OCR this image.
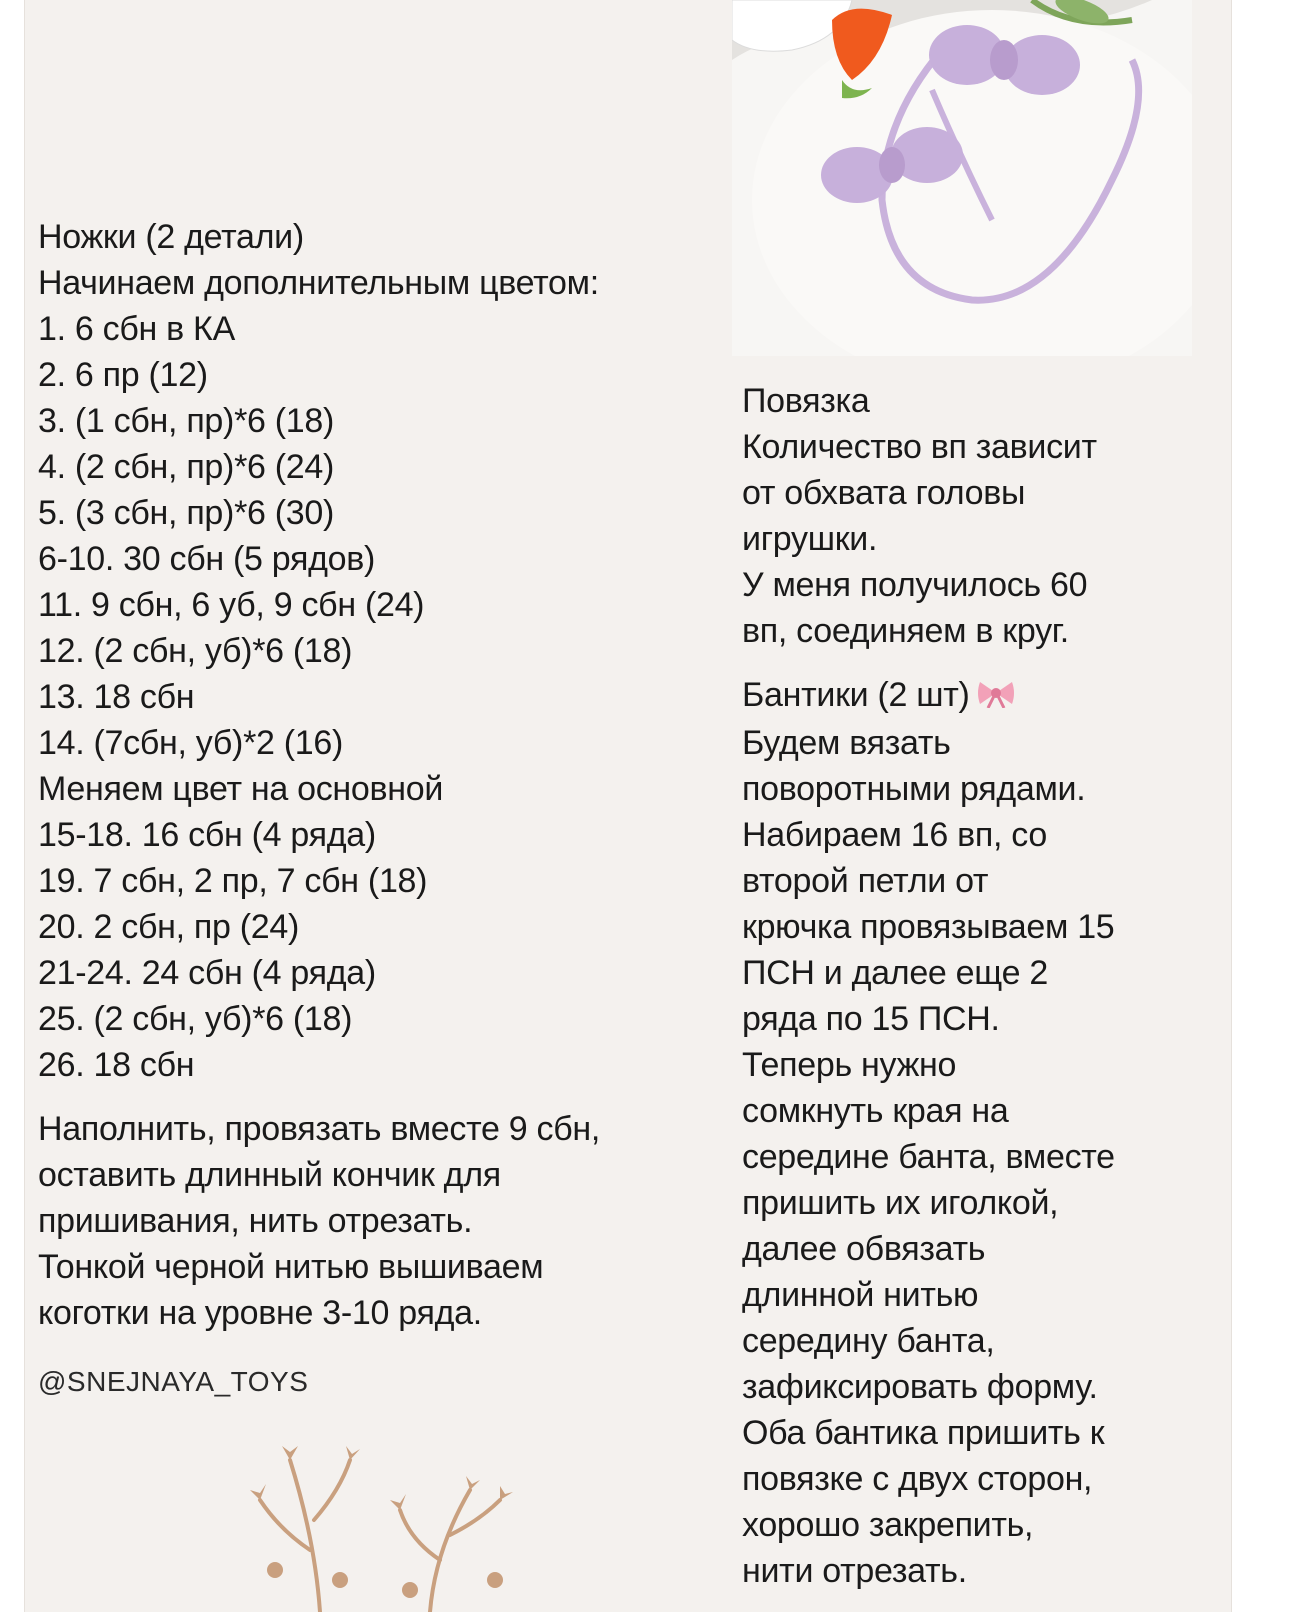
Ножки (2 детали)
Начинаем дополнительным цветом:
1. 6 сбн в КА
2. 6 пр (12)
3. (1 сбн, пр)*6 (18)
4. (2 сбн, пр)*6 (24)
5. (3 сбн, пр)*6 (30)
6-10. 30 сбн (5 рядов)
11. 9 сбн, 6 уб, 9 сбн (24)
12. (2 сбн, уб)*6 (18)
13. 18 сбн
14. (7сбн, уб)*2 (16)
Меняем цвет на основной
15-18. 16 сбн (4 ряда)
19. 7 сбн, 2 пр, 7 сбн (18)
20. 2 сбн, пр (24)
21-24. 24 сбн (4 ряда)
25. (2 сбн, уб)*6 (18)
26. 18 сбн
Наполнить, провязать вместе 9 сбн,
оставить длинный кончик для
пришивания, нить отрезать.
Тонкой черной нитью вышиваем
коготки на уровне 3-10 ряда.
@SNEJNAYA_TOYS
Повязка
Количество вп зависит
от обхвата головы
игрушки.
У меня получилось 60
вп, соединяем в круг.
Бантики (2 шт)
Будем вязать
поворотными рядами.
Набираем 16 вп, со
второй петли от
крючка провязываем 15
ПСН и далее еще 2
ряда по 15 ПСН.
Теперь нужно
сомкнуть края на
середине банта, вместе
пришить их иголкой,
далее обвязать
длинной нитью
середину банта,
зафиксировать форму.
Оба бантика пришить к
повязке с двух сторон,
хорошо закрепить,
нити отрезать.
